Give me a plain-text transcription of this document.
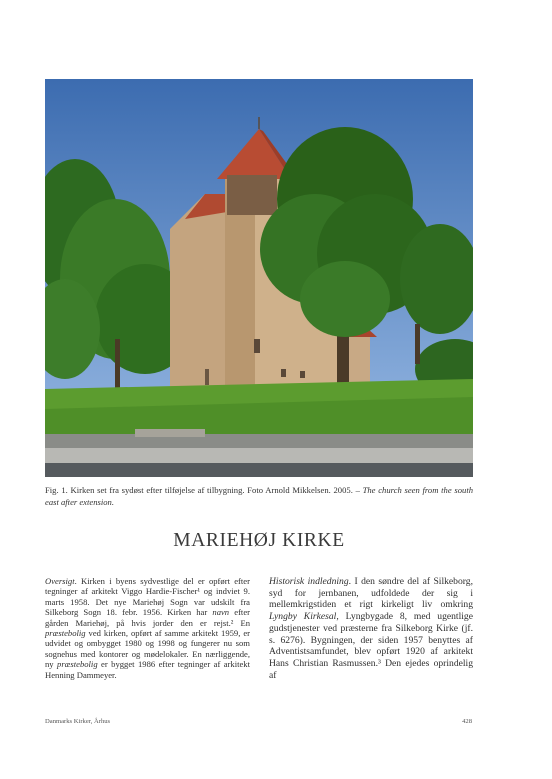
Fig. 1. Kirken set fra sydøst efter tilføjelse af tilbygning. Foto Arnold Mikkelsen. 2005. – The church seen from the south east after extension.
MARIEHØJ KIRKE

Oversigt. Kirken i byens sydvestlige del er opført efter tegninger af arkitekt Viggo Hardie-Fischer¹ og indviet 9. marts 1958. Det nye Mariehøj Sogn var udskilt fra Silkeborg Sogn 18. febr. 1956. Kirken har navn efter gården Mariehøj, på hvis jorder den er rejst.² En præstebolig ved kirken, opført af samme arkitekt 1959, er udvidet og ombygget 1980 og 1998 og fungerer nu som sognehus med kontorer og mødelokaler. En nærliggende, ny præstebolig er bygget 1986 efter tegninger af arkitekt Henning Dammeyer.

Historisk indledning. I den søndre del af Silkeborg, syd for jernbanen, udfoldede der sig i mellemkrigstiden et rigt kirkeligt liv omkring Lyngby Kirkesal, Lyngbygade 8, med ugentlige gudstjenester ved præsterne fra Silkeborg Kirke (jf. s. 6276). Bygningen, der siden 1957 benyttes af Adventistsamfundet, blev opført 1920 af arkitekt Hans Christian Rasmussen.³ Den ejedes oprindelig af

Danmarks Kirker, Århus	428
